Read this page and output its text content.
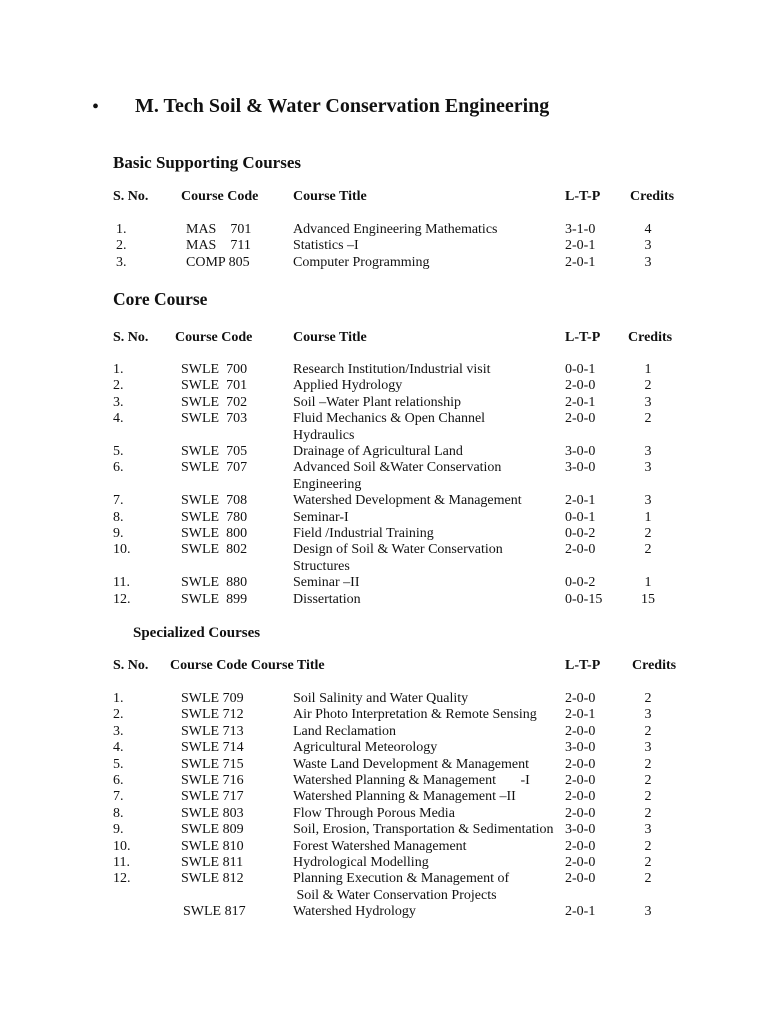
• M. Tech Soil & Water Conservation Engineering
Basic Supporting Courses
S. No. Course Code Course Title	L-T-P Credits
1.	MAS    701	Advanced Engineering Mathematics	3-1-0	4
2.	MAS    711	Statistics –I	2-0-1	3
3.	COMP 805	Computer Programming	2-0-1	3
Core Course
S. No. Course Code	Course Title	L-T-P Credits
1.	SWLE  700	Research Institution/Industrial visit	0-0-1	1
2.	SWLE  701	Applied Hydrology	2-0-0	2
3.	SWLE  702	Soil –Water Plant relationship	2-0-1	3
4.	SWLE  703	Fluid Mechanics & Open Channel
Hydraulics
2-0-0	2
5.	SWLE  705	Drainage of Agricultural Land	3-0-0	3
6.	SWLE  707	Advanced Soil &Water Conservation
Engineering
3-0-0	3
7.	SWLE  708	Watershed Development & Management	2-0-1	3
8.	SWLE  780	Seminar-I	0-0-1	1
9.	SWLE  800	Field /Industrial Training	0-0-2	2
10.	SWLE  802	Design of Soil & Water Conservation
Structures
2-0-0	2
11.	SWLE  880	Seminar –II	0-0-2	1
12.	SWLE  899	Dissertation	0-0-15	15
Specialized Courses
S. No. Course Code Course Title	L-T-P Credits
1.	SWLE 709	Soil Salinity and Water Quality	2-0-0	2
2.	SWLE 712	Air Photo Interpretation & Remote Sensing 2-0-1	3
3.	SWLE 713	Land Reclamation	2-0-0	2
4.	SWLE 714	Agricultural Meteorology	3-0-0	3
5.	SWLE 715	Waste Land Development & Management	2-0-0	2
6.	SWLE 716	Watershed Planning & Management       -I	2-0-0	2
7.	SWLE 717	Watershed Planning & Management –II	2-0-0	2
8.	SWLE 803	Flow Through Porous Media	2-0-0	2
9.	SWLE 809	Soil, Erosion, Transportation & Sedimentation 3-0-0	3
10.	SWLE 810	Forest Watershed Management	2-0-0	2
11.	SWLE 811	Hydrological Modelling	2-0-0	2
12.	SWLE 812	Planning Execution & Management of
Soil & Water Conservation Projects
2-0-0	2
SWLE 817	Watershed Hydrology	2-0-1	3
